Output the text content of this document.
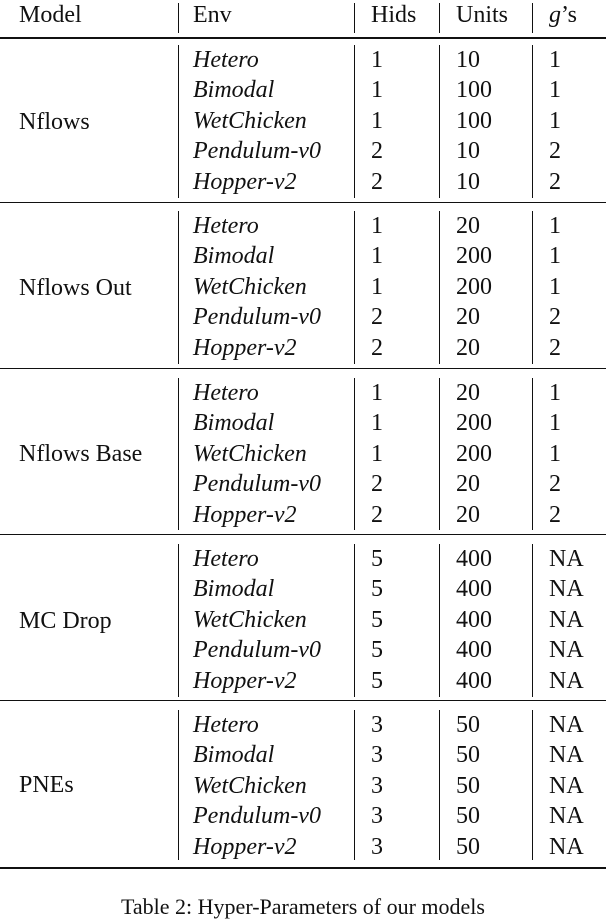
Model	Env	Hids Units g’s
Nflows
Hetero	1	10	1
Bimodal	1	100 1
WetChicken	1	100 1
Pendulum-v0 2	10	2
Hopper-v2	2	10	2
Nflows Out
Hetero	1	20	1
Bimodal	1	200 1
WetChicken	1	200 1
Pendulum-v0 2	20	2
Hopper-v2	2	20	2
Nflows Base
Hetero	1	20	1
Bimodal	1	200 1
WetChicken	1	200 1
Pendulum-v0 2	20	2
Hopper-v2	2	20	2
MC Drop
Hetero	5	400 NA
Bimodal	5	400 NA
WetChicken	5	400 NA
Pendulum-v0 5	400 NA
Hopper-v2	5	400 NA
PNEs
Hetero	3	50	NA
Bimodal	3	50	NA
WetChicken	3	50	NA
Pendulum-v0 3	50	NA
Hopper-v2	3	50	NA
Table 2: Hyper-Parameters of our models
